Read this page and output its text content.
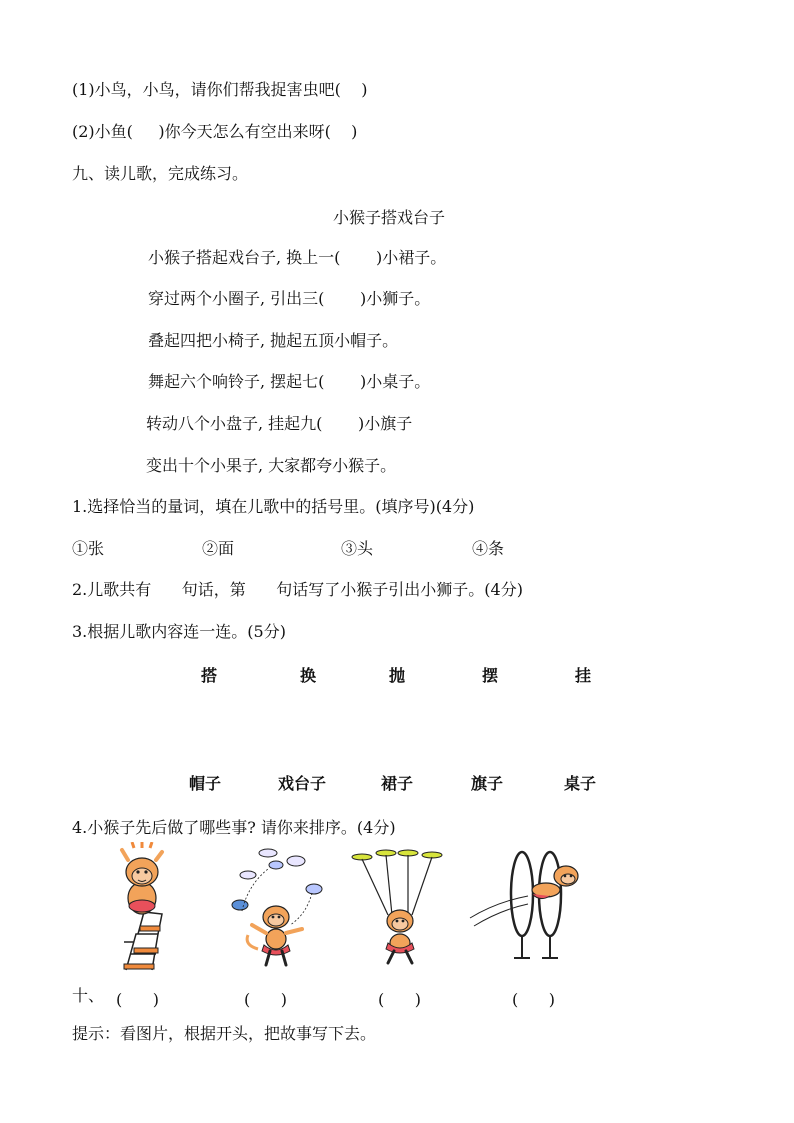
(1)小鸟，小鸟，请你们帮我捉害虫吧(    )
(2)小鱼(     )你今天怎么有空出来呀(    )
九、读儿歌，完成练习。
小猴子搭戏台子
小猴子搭起戏台子, 换上一(       )小裙子。
穿过两个小圈子, 引出三(       )小狮子。
叠起四把小椅子, 抛起五顶小帽子。
舞起六个响铃子, 摆起七(       )小桌子。
转动八个小盘子, 挂起九(       )小旗子
变出十个小果子, 大家都夸小猴子。
1.选择恰当的量词，填在儿歌中的括号里。(填序号)(4分)
①张	②面	③头	④条
2.儿歌共有      句话，第      句话写了小猴子引出小狮子。(4分)
3.根据儿歌内容连一连。(5分)
搭	换	抛	摆	挂
帽子	戏台子	裙子	旗子	桌子
4.小猴子先后做了哪些事? 请你来排序。(4分)
十、 (      )	(      )	(      )	(      )
提示：看图片，根据开头，把故事写下去。
